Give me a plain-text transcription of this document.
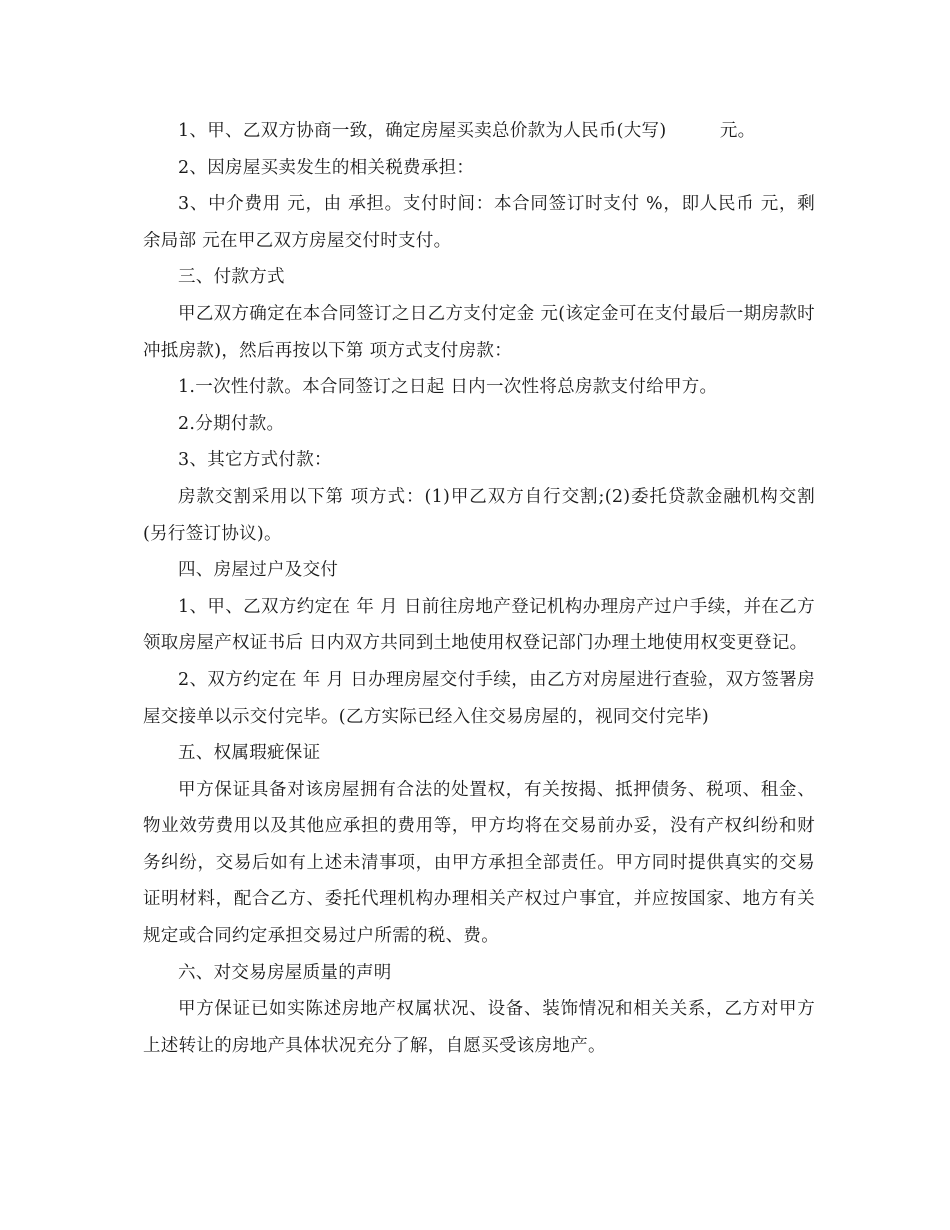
1、甲、乙双方协商一致，确定房屋买卖总价款为人民币(大写)　　　元。

2、因房屋买卖发生的相关税费承担：

3、中介费用 元，由 承担。支付时间：本合同签订时支付 %，即人民币 元，剩余局部 元在甲乙双方房屋交付时支付。

三、付款方式

甲乙双方确定在本合同签订之日乙方支付定金 元(该定金可在支付最后一期房款时冲抵房款)，然后再按以下第 项方式支付房款：

1.一次性付款。本合同签订之日起 日内一次性将总房款支付给甲方。

2.分期付款。

3、其它方式付款：

房款交割采用以下第 项方式：(1)甲乙双方自行交割;(2)委托贷款金融机构交割(另行签订协议)。

四、房屋过户及交付

1、甲、乙双方约定在 年 月 日前往房地产登记机构办理房产过户手续，并在乙方领取房屋产权证书后 日内双方共同到土地使用权登记部门办理土地使用权变更登记。

2、双方约定在 年 月 日办理房屋交付手续，由乙方对房屋进行查验，双方签署房屋交接单以示交付完毕。(乙方实际已经入住交易房屋的，视同交付完毕)

五、权属瑕疵保证

甲方保证具备对该房屋拥有合法的处置权，有关按揭、抵押债务、税项、租金、物业效劳费用以及其他应承担的费用等，甲方均将在交易前办妥，没有产权纠纷和财务纠纷，交易后如有上述未清事项，由甲方承担全部责任。甲方同时提供真实的交易证明材料，配合乙方、委托代理机构办理相关产权过户事宜，并应按国家、地方有关规定或合同约定承担交易过户所需的税、费。

六、对交易房屋质量的声明

甲方保证已如实陈述房地产权属状况、设备、装饰情况和相关关系，乙方对甲方上述转让的房地产具体状况充分了解，自愿买受该房地产。
